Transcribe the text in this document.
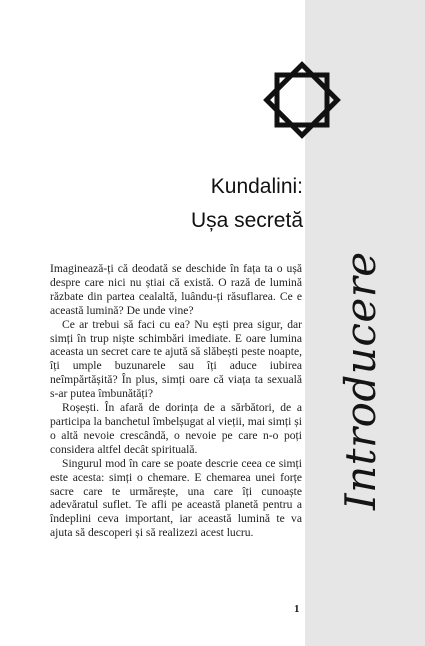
Kundalini:
Ușa secretă
Introducere

Imaginează-ți că deodată se deschide în fața ta o ușă despre care nici nu știai că există. O rază de lumină răzbate din partea cealaltă, luându-ți răsuflarea. Ce e această lumină? De unde vine?

Ce ar trebui să faci cu ea? Nu ești prea sigur, dar simți în trup niște schimbări imediate. E oare lumina aceasta un secret care te ajută să slăbești peste noapte, îți umple buzunarele sau îți aduce iubirea neîmpărtășită? În plus, simți oare că viața ta sexuală s-ar putea îmbunătăți?

Roșești. În afară de dorința de a sărbători, de a participa la banchetul îmbelșugat al vieții, mai simți și o altă nevoie crescândă, o nevoie pe care n-o poți considera altfel decât spirituală.

Singurul mod în care se poate descrie ceea ce simți este acesta: simți o chemare. E chemarea unei forțe sacre care te urmărește, una care îți cunoaște adevăratul suflet. Te afli pe această planetă pentru a îndeplini ceva important, iar această lumină te va ajuta să descoperi și să realizezi acest lucru.

1
